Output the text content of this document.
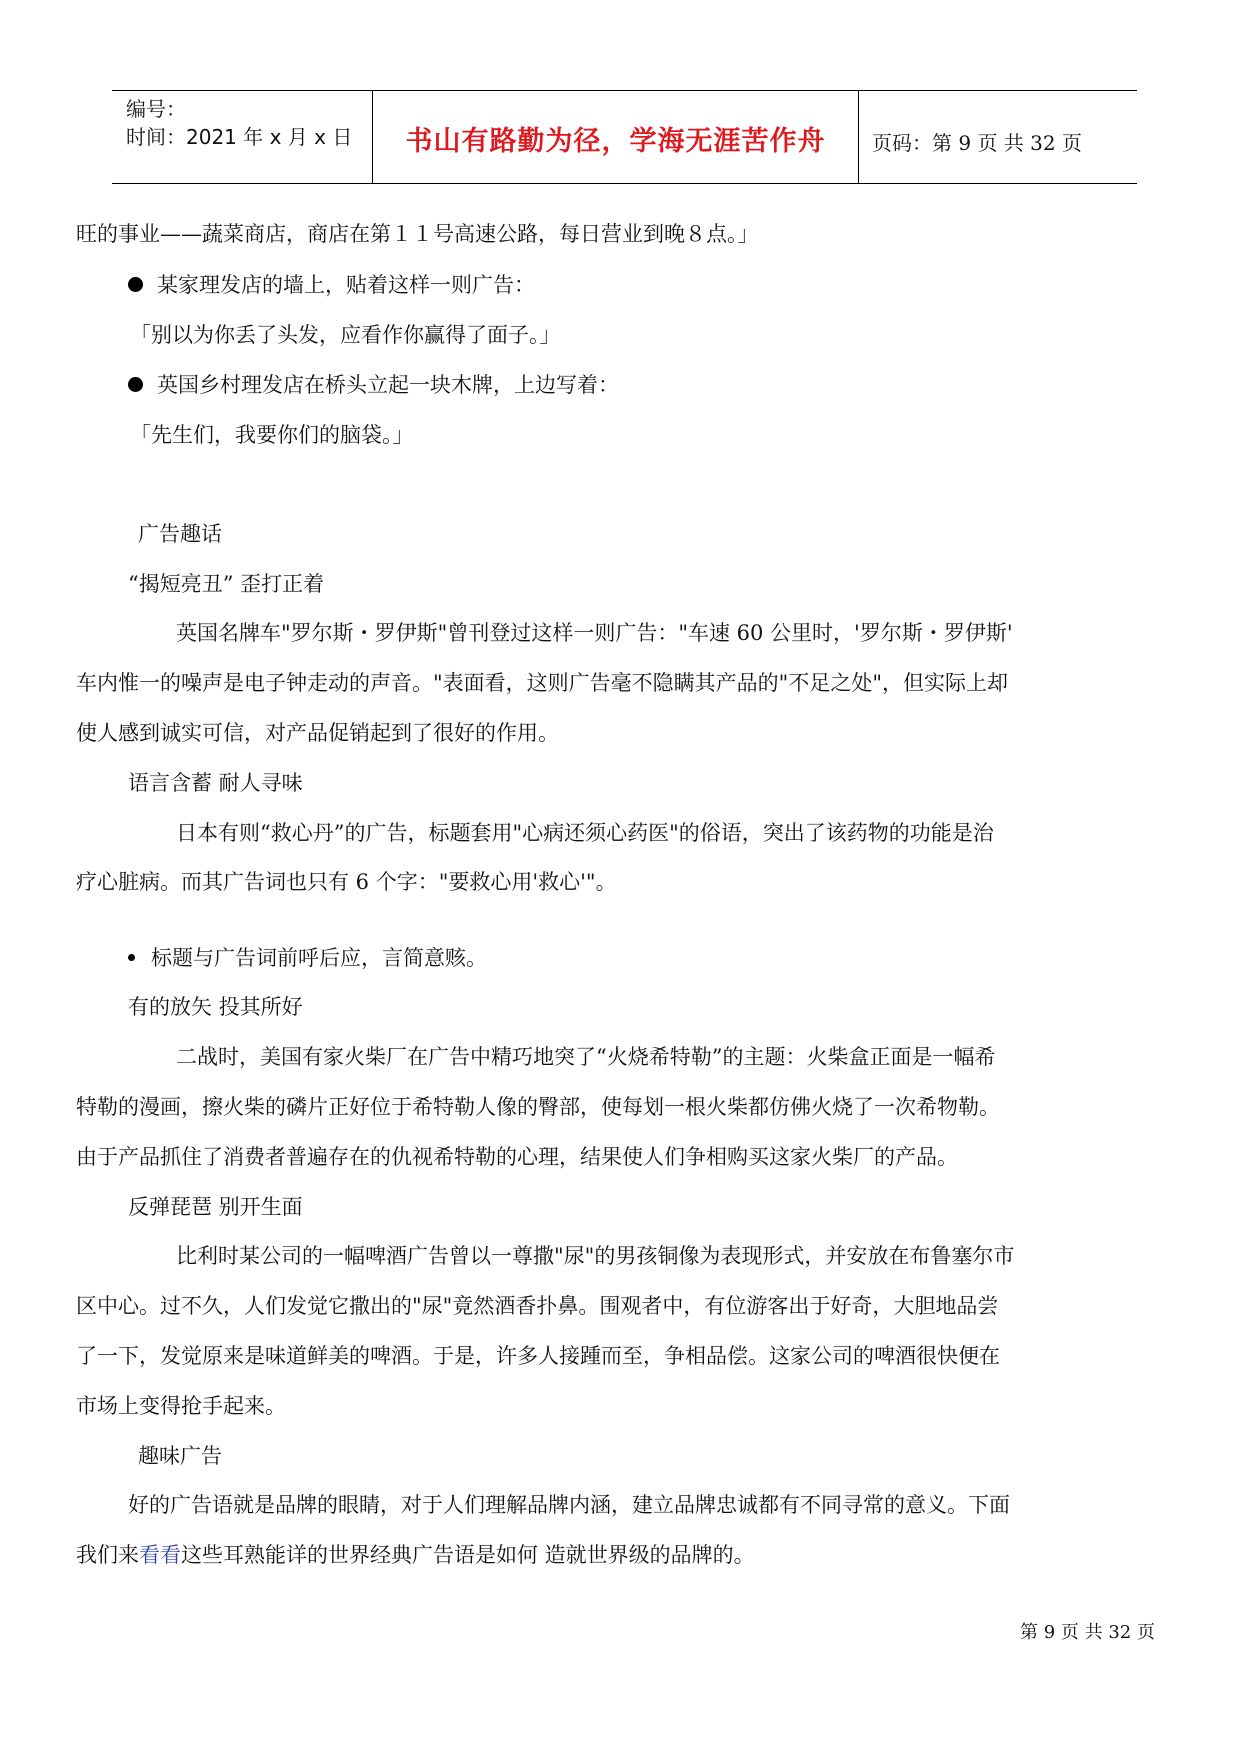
编号：
时间：2021 年 x 月 x 日	书山有路勤为径，学海无涯苦作舟	页码：第 9 页 共 32 页
旺的事业——蔬菜商店，商店在第１１号高速公路，每日营业到晚８点。」
某家理发店的墙上，贴着这样一则广告：
「别以为你丢了头发，应看作你赢得了面子。」
英国乡村理发店在桥头立起一块木牌，上边写着：
「先生们，我要你们的脑袋。」
广告趣话
“揭短亮丑” 歪打正着
英国名牌车"罗尔斯・罗伊斯"曾刊登过这样一则广告："车速 60 公里时，'罗尔斯・罗伊斯'
车内惟一的噪声是电子钟走动的声音。"表面看，这则广告毫不隐瞒其产品的"不足之处"，但实际上却
使人感到诚实可信，对产品促销起到了很好的作用。
语言含蓄 耐人寻味
日本有则“救心丹”的广告，标题套用"心病还须心药医"的俗语，突出了该药物的功能是治
疗心脏病。而其广告词也只有 6 个字："要救心用'救心'"。
标题与广告词前呼后应，言简意赅。
有的放矢 投其所好
二战时，美国有家火柴厂在广告中精巧地突了“火烧希特勒”的主题：火柴盒正面是一幅希
特勒的漫画，擦火柴的磷片正好位于希特勒人像的臀部，使每划一根火柴都仿佛火烧了一次希物勒。
由于产品抓住了消费者普遍存在的仇视希特勒的心理，结果使人们争相购买这家火柴厂的产品。
反弹琵琶 别开生面
比利时某公司的一幅啤酒广告曾以一尊撒"尿"的男孩铜像为表现形式，并安放在布鲁塞尔市
区中心。过不久，人们发觉它撒出的"尿"竟然酒香扑鼻。围观者中，有位游客出于好奇，大胆地品尝
了一下，发觉原来是味道鲜美的啤酒。于是，许多人接踵而至，争相品偿。这家公司的啤酒很快便在
市场上变得抢手起来。
趣味广告
好的广告语就是品牌的眼睛，对于人们理解品牌内涵，建立品牌忠诚都有不同寻常的意义。下面
我们来看看这些耳熟能详的世界经典广告语是如何 造就世界级的品牌的。
第 9 页 共 32 页
